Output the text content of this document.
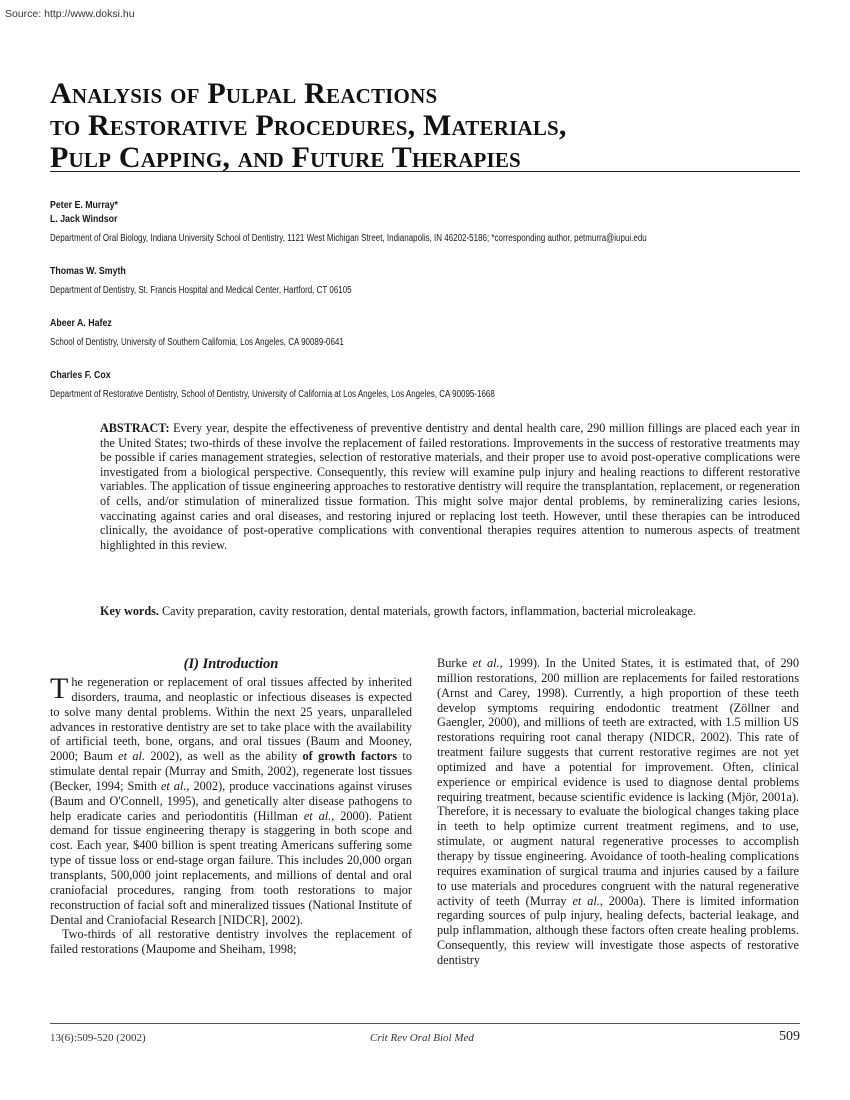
Source: http://www.doksi.hu
Analysis of Pulpal Reactions
to Restorative Procedures, Materials,
Pulp Capping, and Future Therapies
Peter E. Murray*
L. Jack Windsor
Department of Oral Biology, Indiana University School of Dentistry, 1121 West Michigan Street, Indianapolis, IN 46202-5186; *corresponding author, petmurra@iupui.edu
Thomas W. Smyth
Department of Dentistry, St. Francis Hospital and Medical Center, Hartford, CT 06105
Abeer A. Hafez
School of Dentistry, University of Southern California, Los Angeles, CA 90089-0641
Charles F. Cox
Department of Restorative Dentistry, School of Dentistry, University of California at Los Angeles, Los Angeles, CA 90095-1668

ABSTRACT: Every year, despite the effectiveness of preventive dentistry and dental health care, 290 million fillings are placed each year in the United States; two-thirds of these involve the replacement of failed restorations. Improvements in the success of restorative treatments may be possible if caries management strategies, selection of restorative materials, and their proper use to avoid post-operative complications were investigated from a biological perspective. Consequently, this review will examine pulp injury and healing reactions to different restorative variables. The application of tissue engineering approaches to restorative dentistry will require the transplantation, replacement, or regeneration of cells, and/or stimulation of mineralized tissue formation. This might solve major dental problems, by remineralizing caries lesions, vaccinating against caries and oral diseases, and restoring injured or replacing lost teeth. However, until these therapies can be introduced clinically, the avoidance of post-operative complications with conventional therapies requires attention to numerous aspects of treatment highlighted in this review.

Key words. Cavity preparation, cavity restoration, dental materials, growth factors, inflammation, bacterial microleakage.

(I) Introduction

The regeneration or replacement of oral tissues affected by inherited disorders, trauma, and neoplastic or infectious diseases is expected to solve many dental problems. Within the next 25 years, unparalleled advances in restorative dentistry are set to take place with the availability of artificial teeth, bone, organs, and oral tissues (Baum and Mooney, 2000; Baum et al. 2002), as well as the ability of growth factors to stimulate dental repair (Murray and Smith, 2002), regenerate lost tissues (Becker, 1994; Smith et al., 2002), produce vaccinations against viruses (Baum and O'Connell, 1995), and genetically alter disease pathogens to help eradicate caries and periodontitis (Hillman et al., 2000). Patient demand for tissue engineering therapy is staggering in both scope and cost. Each year, $400 billion is spent treating Americans suffering some type of tissue loss or end-stage organ failure. This includes 20,000 organ transplants, 500,000 joint replacements, and millions of dental and oral craniofacial procedures, ranging from tooth restorations to major reconstruction of facial soft and mineralized tissues (National Institute of Dental and Craniofacial Research [NIDCR], 2002).

Two-thirds of all restorative dentistry involves the replacement of failed restorations (Maupome and Sheiham, 1998;

Burke et al., 1999). In the United States, it is estimated that, of 290 million restorations, 200 million are replacements for failed restorations (Arnst and Carey, 1998). Currently, a high proportion of these teeth develop symptoms requiring endodontic treatment (Zöllner and Gaengler, 2000), and millions of teeth are extracted, with 1.5 million US restorations requiring root canal therapy (NIDCR, 2002). This rate of treatment failure suggests that current restorative regimes are not yet optimized and have a potential for improvement. Often, clinical experience or empirical evidence is used to diagnose dental problems requiring treatment, because scientific evidence is lacking (Mjör, 2001a). Therefore, it is necessary to evaluate the biological changes taking place in teeth to help optimize current treatment regimens, and to use, stimulate, or augment natural regenerative processes to accomplish therapy by tissue engineering. Avoidance of tooth-healing complications requires examination of surgical trauma and injuries caused by a failure to use materials and procedures congruent with the natural regenerative activity of teeth (Murray et al., 2000a). There is limited information regarding sources of pulp injury, healing defects, bacterial leakage, and pulp inflammation, although these factors often create healing problems. Consequently, this review will investigate those aspects of restorative dentistry

13(6):509-520 (2002)	Crit Rev Oral Biol Med	509
